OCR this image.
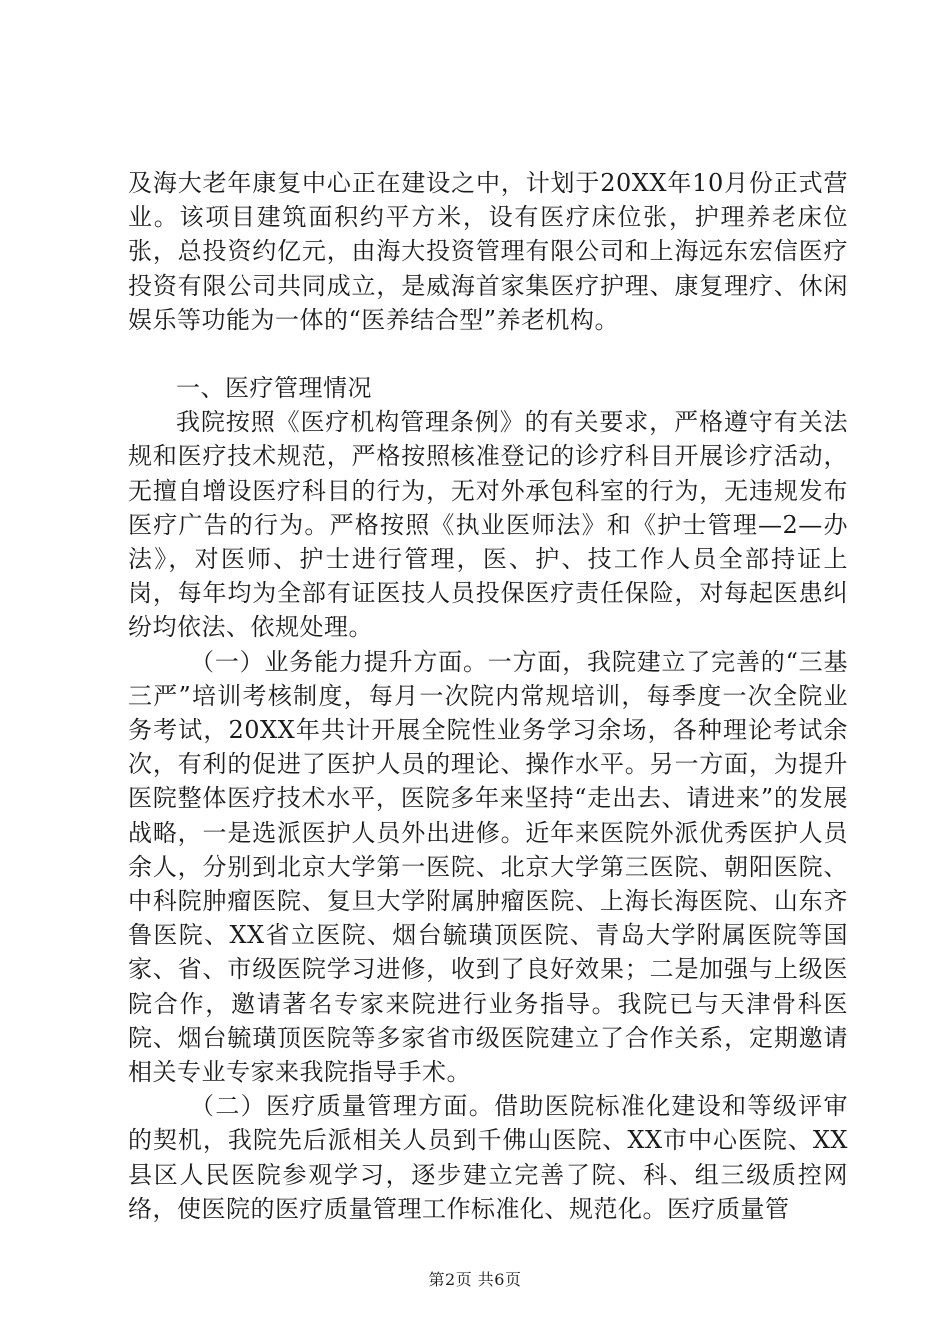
及海大老年康复中心正在建设之中，计划于20XX年10月份正式营业。该项目建筑面积约平方米，设有医疗床位张，护理养老床位张，总投资约亿元，由海大投资管理有限公司和上海远东宏信医疗投资有限公司共同成立，是威海首家集医疗护理、康复理疗、休闲娱乐等功能为一体的“医养结合型”养老机构。

一、医疗管理情况

我院按照《医疗机构管理条例》的有关要求，严格遵守有关法规和医疗技术规范，严格按照核准登记的诊疗科目开展诊疗活动，无擅自增设医疗科目的行为，无对外承包科室的行为，无违规发布医疗广告的行为。严格按照《执业医师法》和《护士管理—2—办法》，对医师、护士进行管理，医、护、技工作人员全部持证上岗，每年均为全部有证医技人员投保医疗责任保险，对每起医患纠纷均依法、依规处理。

（一）业务能力提升方面。一方面，我院建立了完善的“三基三严”培训考核制度，每月一次院内常规培训，每季度一次全院业务考试，20XX年共计开展全院性业务学习余场，各种理论考试余次，有利的促进了医护人员的理论、操作水平。另一方面，为提升医院整体医疗技术水平，医院多年来坚持“走出去、请进来”的发展战略，一是选派医护人员外出进修。近年来医院外派优秀医护人员余人，分别到北京大学第一医院、北京大学第三医院、朝阳医院、中科院肿瘤医院、复旦大学附属肿瘤医院、上海长海医院、山东齐鲁医院、XX省立医院、烟台毓璜顶医院、青岛大学附属医院等国家、省、市级医院学习进修，收到了良好效果；二是加强与上级医院合作，邀请著名专家来院进行业务指导。我院已与天津骨科医院、烟台毓璜顶医院等多家省市级医院建立了合作关系，定期邀请相关专业专家来我院指导手术。

（二）医疗质量管理方面。借助医院标准化建设和等级评审的契机，我院先后派相关人员到千佛山医院、XX市中心医院、XX县区人民医院参观学习，逐步建立完善了院、科、组三级质控网络，使医院的医疗质量管理工作标准化、规范化。医疗质量管

第2页 共6页
